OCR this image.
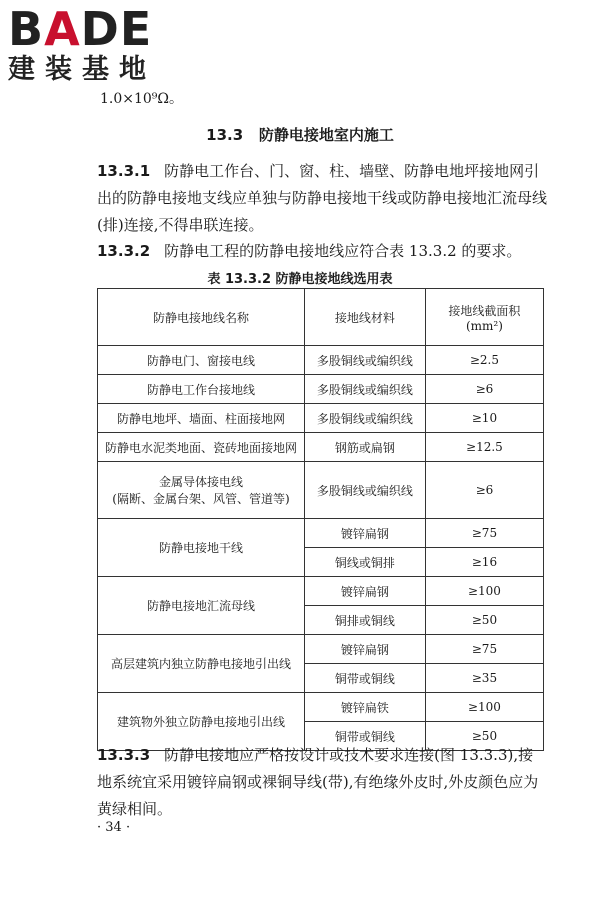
BADE
建装基地
1.0×10⁹Ω。
13.3 防静电接地室内施工
13.3.1 防静电工作台、门、窗、柱、墙壁、防静电地坪接地网引出的防静电接地支线应单独与防静电接地干线或防静电接地汇流母线(排)连接,不得串联连接。
13.3.2 防静电工程的防静电接地线应符合表 13.3.2 的要求。
表 13.3.2 防静电接地线选用表
防静电接地线名称	接地线材料	接地线截面积
(mm²)

防静电门、窗接电线	多股铜线或编织线	≥2.5
防静电工作台接地线	多股铜线或编织线	≥6
防静电地坪、墙面、柱面接地网	多股铜线或编织线	≥10
防静电水泥类地面、瓷砖地面接地网	钢筋或扁钢	≥12.5

金属导体接电线
(隔断、金属台架、风管、管道等)	多股铜线或编织线	≥6
防静电接地干线	镀锌扁钢	≥75
	铜线或铜排	≥16
防静电接地汇流母线	镀锌扁钢	≥100
	铜排或铜线	≥50
高层建筑内独立防静电接地引出线	镀锌扁钢	≥75
	铜带或铜线	≥35
建筑物外独立防静电接地引出线	镀锌扁铁	≥100
	铜带或铜线	≥50
13.3.3 防静电接地应严格按设计或技术要求连接(图 13.3.3),接地系统宜采用镀锌扁钢或裸铜导线(带),有绝缘外皮时,外皮颜色应为黄绿相间。
· 34 ·
